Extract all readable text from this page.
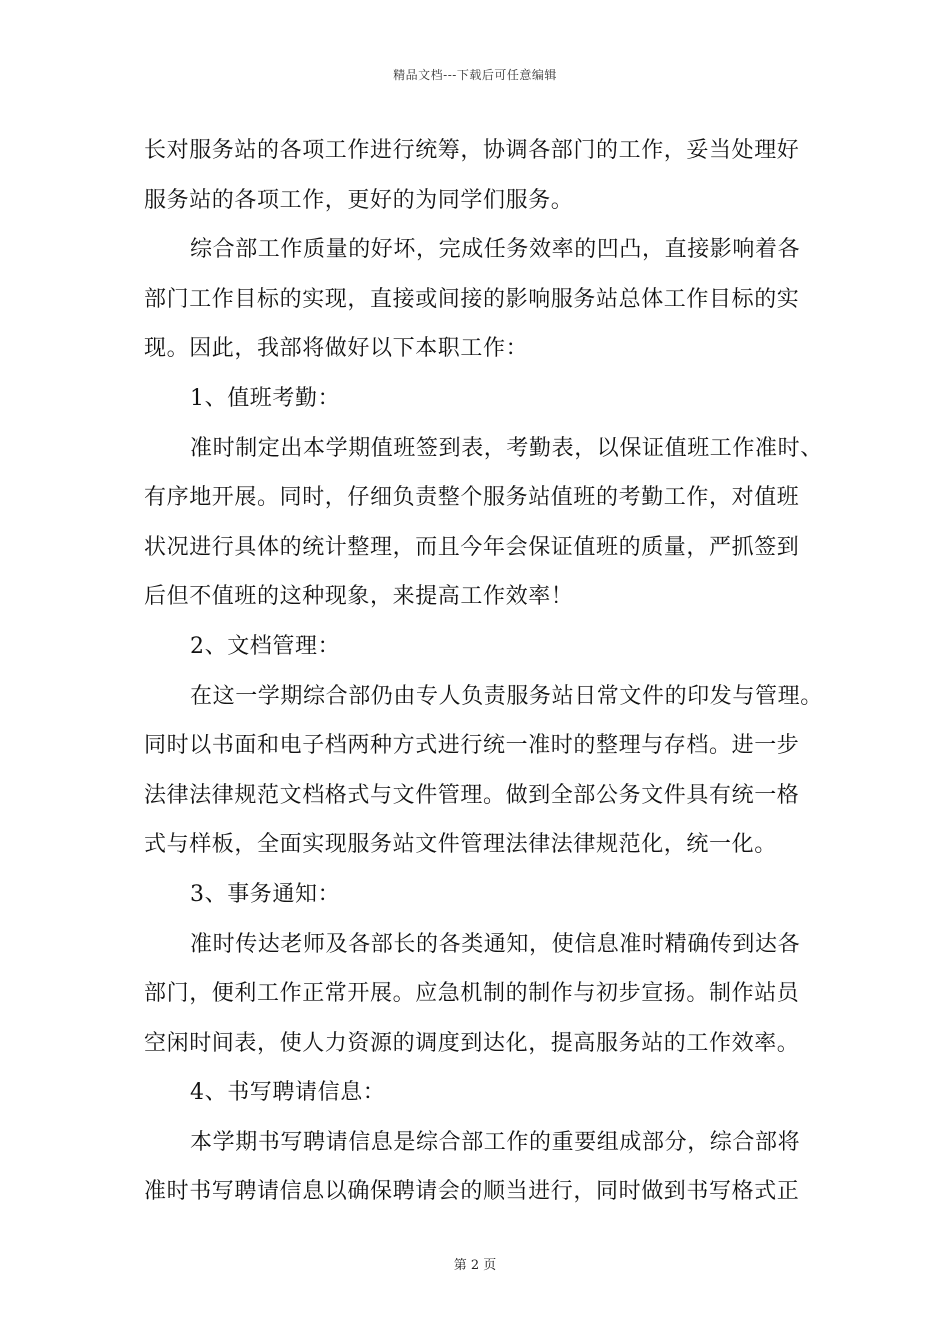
精品文档---下载后可任意编辑
长对服务站的各项工作进行统筹，协调各部门的工作，妥当处理好
服务站的各项工作，更好的为同学们服务。
综合部工作质量的好坏，完成任务效率的凹凸，直接影响着各
部门工作目标的实现，直接或间接的影响服务站总体工作目标的实
现。因此，我部将做好以下本职工作：
1、值班考勤：
准时制定出本学期值班签到表，考勤表，以保证值班工作准时、
有序地开展。同时，仔细负责整个服务站值班的考勤工作，对值班
状况进行具体的统计整理，而且今年会保证值班的质量，严抓签到
后但不值班的这种现象，来提高工作效率！
2、文档管理：
在这一学期综合部仍由专人负责服务站日常文件的印发与管理。
同时以书面和电子档两种方式进行统一准时的整理与存档。进一步
法律法律规范文档格式与文件管理。做到全部公务文件具有统一格
式与样板，全面实现服务站文件管理法律法律规范化，统一化。
3、事务通知：
准时传达老师及各部长的各类通知，使信息准时精确传到达各
部门，便利工作正常开展。应急机制的制作与初步宣扬。制作站员
空闲时间表，使人力资源的调度到达化，提高服务站的工作效率。
4、书写聘请信息：
本学期书写聘请信息是综合部工作的重要组成部分，综合部将
准时书写聘请信息以确保聘请会的顺当进行，同时做到书写格式正
第 2 页
